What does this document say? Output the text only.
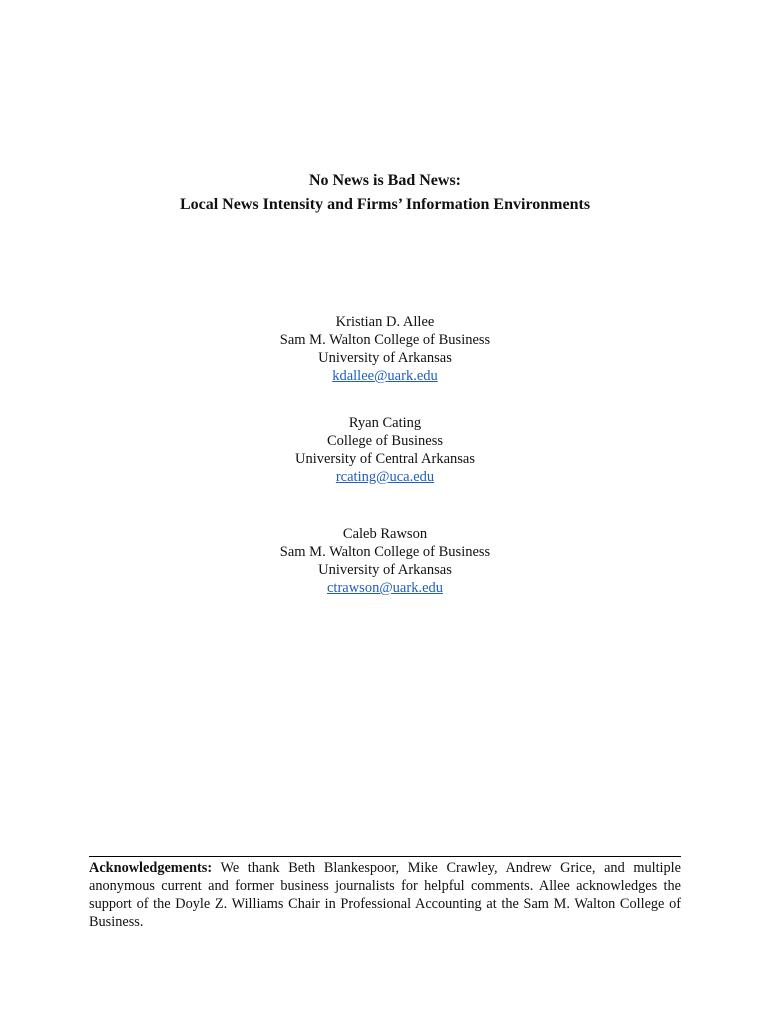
No News is Bad News:
Local News Intensity and Firms’ Information Environments
Kristian D. Allee
Sam M. Walton College of Business
University of Arkansas
kdallee@uark.edu
Ryan Cating
College of Business
University of Central Arkansas
rcating@uca.edu
Caleb Rawson
Sam M. Walton College of Business
University of Arkansas
ctrawson@uark.edu
Acknowledgements: We thank Beth Blankespoor, Mike Crawley, Andrew Grice, and multiple anonymous current and former business journalists for helpful comments. Allee acknowledges the support of the Doyle Z. Williams Chair in Professional Accounting at the Sam M. Walton College of Business.
